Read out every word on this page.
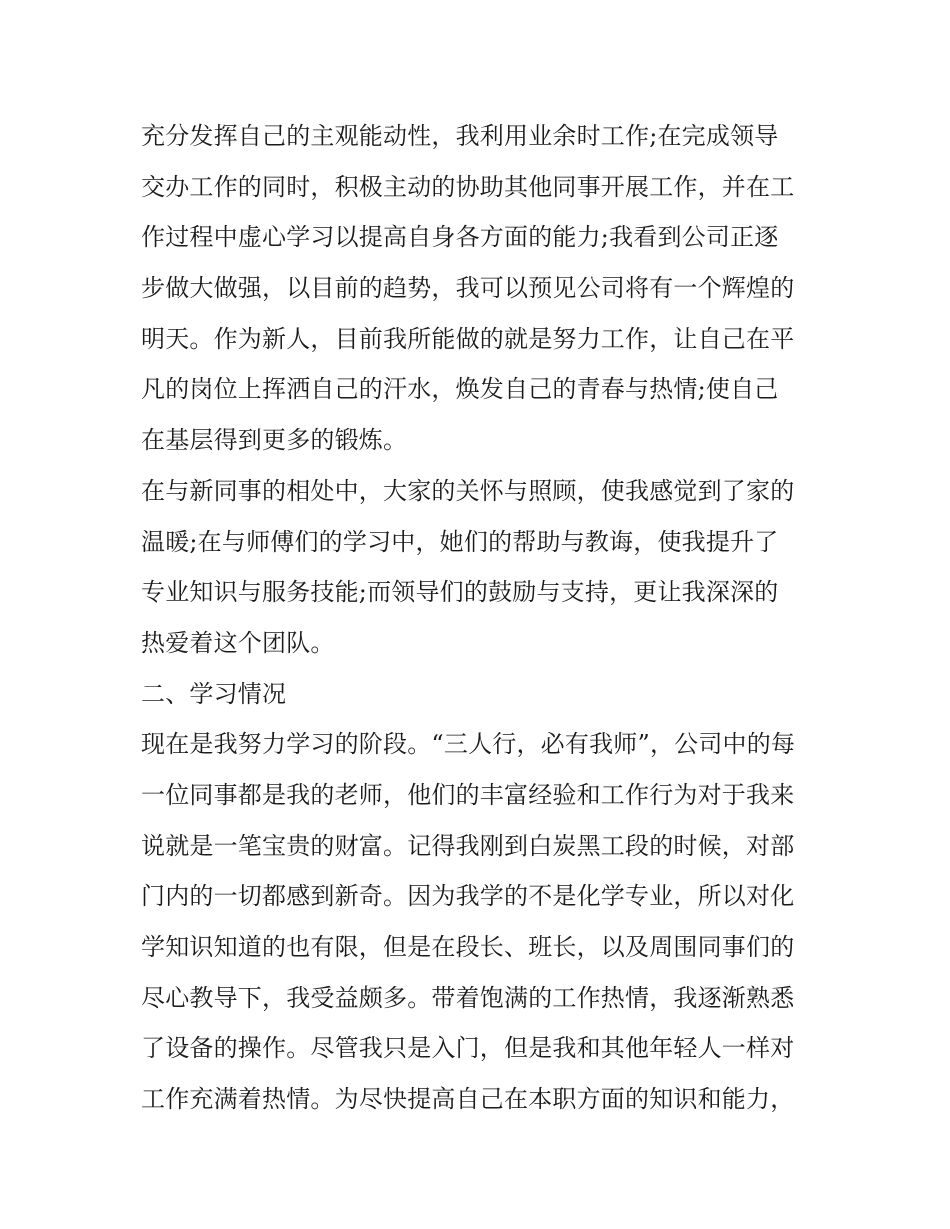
充分发挥自己的主观能动性，我利用业余时工作;在完成领导
交办工作的同时，积极主动的协助其他同事开展工作，并在工
作过程中虚心学习以提高自身各方面的能力;我看到公司正逐
步做大做强，以目前的趋势，我可以预见公司将有一个辉煌的
明天。作为新人，目前我所能做的就是努力工作，让自己在平
凡的岗位上挥洒自己的汗水，焕发自己的青春与热情;使自己
在基层得到更多的锻炼。
在与新同事的相处中，大家的关怀与照顾，使我感觉到了家的
温暖;在与师傅们的学习中，她们的帮助与教诲，使我提升了
专业知识与服务技能;而领导们的鼓励与支持，更让我深深的
热爱着这个团队。
二、学习情况
现在是我努力学习的阶段。“三人行，必有我师”，公司中的每
一位同事都是我的老师，他们的丰富经验和工作行为对于我来
说就是一笔宝贵的财富。记得我刚到白炭黑工段的时候，对部
门内的一切都感到新奇。因为我学的不是化学专业，所以对化
学知识知道的也有限，但是在段长、班长，以及周围同事们的
尽心教导下，我受益颇多。带着饱满的工作热情，我逐渐熟悉
了设备的操作。尽管我只是入门，但是我和其他年轻人一样对
工作充满着热情。为尽快提高自己在本职方面的知识和能力，
